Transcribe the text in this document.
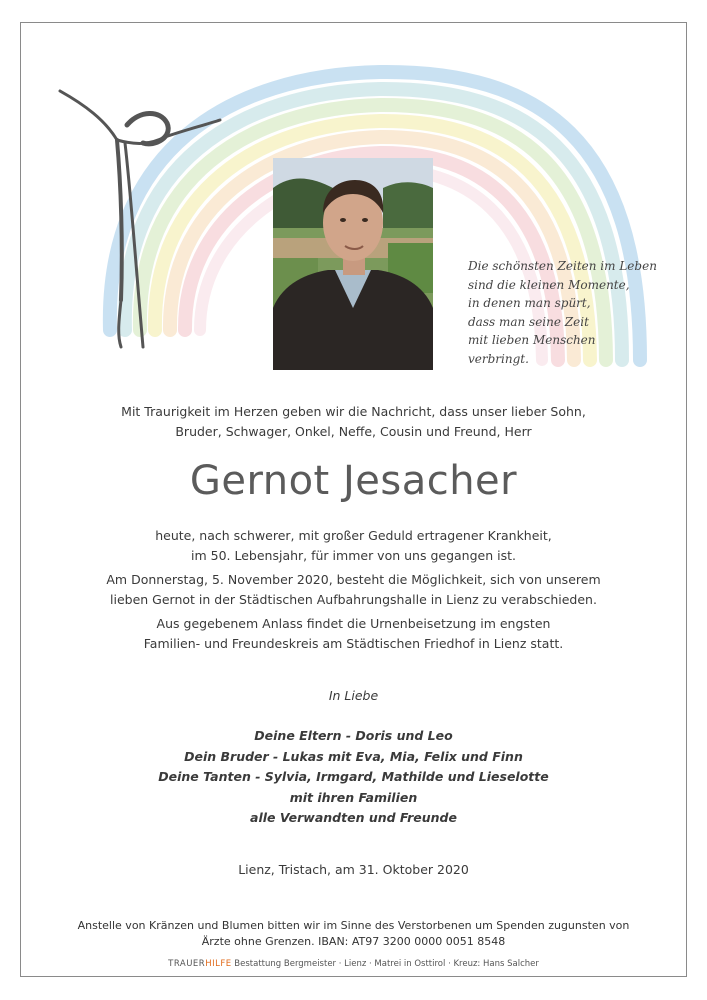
Die schönsten Zeiten im Leben
sind die kleinen Momente,
in denen man spürt,
dass man seine Zeit
mit lieben Menschen
verbringt.
Mit Traurigkeit im Herzen geben wir die Nachricht, dass unser lieber Sohn,
Bruder, Schwager, Onkel, Neffe, Cousin und Freund, Herr
Gernot Jesacher
heute, nach schwerer, mit großer Geduld ertragener Krankheit,
im 50. Lebensjahr, für immer von uns gegangen ist.
Am Donnerstag, 5. November 2020, besteht die Möglichkeit, sich von unserem
lieben Gernot in der Städtischen Aufbahrungshalle in Lienz zu verabschieden.
Aus gegebenem Anlass findet die Urnenbeisetzung im engsten
Familien- und Freundeskreis am Städtischen Friedhof in Lienz statt.
In Liebe
Deine Eltern - Doris und Leo
Dein Bruder - Lukas mit Eva, Mia, Felix und Finn
Deine Tanten - Sylvia, Irmgard, Mathilde und Lieselotte
mit ihren Familien
alle Verwandten und Freunde
Lienz, Tristach, am 31. Oktober 2020
Anstelle von Kränzen und Blumen bitten wir im Sinne des Verstorbenen um Spenden zugunsten von
Ärzte ohne Grenzen. IBAN: AT97 3200 0000 0051 8548
TRAUERHILFE Bestattung Bergmeister · Lienz · Matrei in Osttirol · Kreuz: Hans Salcher
